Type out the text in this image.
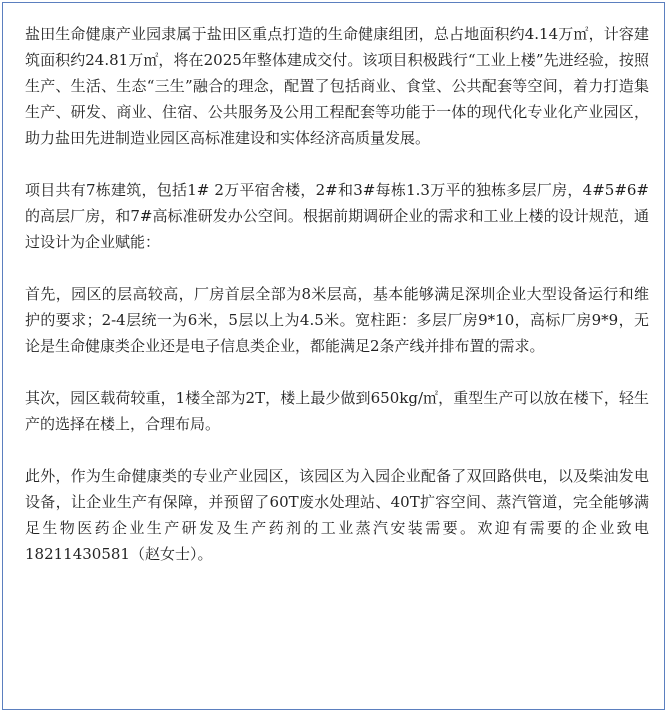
盐田生命健康产业园隶属于盐田区重点打造的生命健康组团，总占地面积约4.14万㎡，计容建筑面积约24.81万㎡，将在2025年整体建成交付。该项目积极践行“工业上楼”先进经验，按照生产、生活、生态“三生”融合的理念，配置了包括商业、食堂、公共配套等空间，着力打造集生产、研发、商业、住宿、公共服务及公用工程配套等功能于一体的现代化专业化产业园区，助力盐田先进制造业园区高标准建设和实体经济高质量发展。

项目共有7栋建筑，包括1# 2万平宿舍楼，2#和3#每栋1.3万平的独栋多层厂房，4#5#6#的高层厂房，和7#高标准研发办公空间。根据前期调研企业的需求和工业上楼的设计规范，通过设计为企业赋能：

首先，园区的层高较高，厂房首层全部为8米层高，基本能够满足深圳企业大型设备运行和维护的要求；2-4层统一为6米，5层以上为4.5米。宽柱距：多层厂房9*10，高标厂房9*9，无论是生命健康类企业还是电子信息类企业，都能满足2条产线并排布置的需求。

其次，园区载荷较重，1楼全部为2T，楼上最少做到650kg/㎡，重型生产可以放在楼下，轻生产的选择在楼上，合理布局。

此外，作为生命健康类的专业产业园区，该园区为入园企业配备了双回路供电，以及柴油发电设备，让企业生产有保障，并预留了60T废水处理站、40T扩容空间、蒸汽管道，完全能够满足生物医药企业生产研发及生产药剂的工业蒸汽安装需要。欢迎有需要的企业致电18211430581（赵女士）。
